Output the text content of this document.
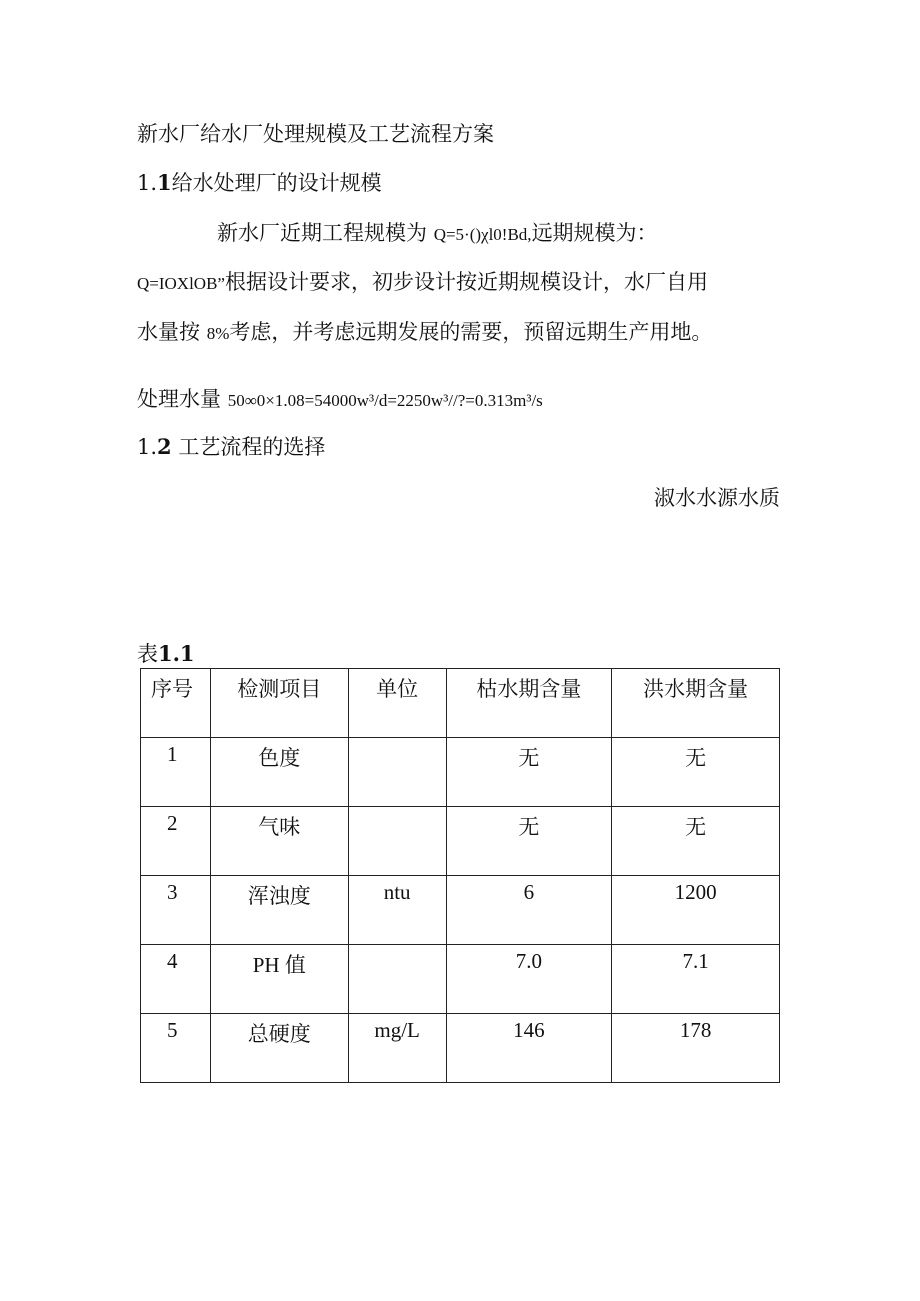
新水厂给水厂处理规模及工艺流程方案
1.1给水处理厂的设计规模
新水厂近期工程规模为 Q=5·()χl0!Bd,远期规模为：
Q=IOXlOB”根据设计要求，初步设计按近期规模设计，水厂自用
水量按 8%考虑，并考虑远期发展的需要，预留远期生产用地。
处理水量 50∞0×1.08=54000w³/d=2250w³//?=0.313m³/s
1.2 工艺流程的选择
淑水水源水质
表1.1
序号	检测项目	单位	枯水期含量	洪水期含量
1	色度		无	无
2	气味		无	无
3	浑浊度	ntu	6	1200
4	PH 值		7.0	7.1
5	总硬度	mg/L	146	178
